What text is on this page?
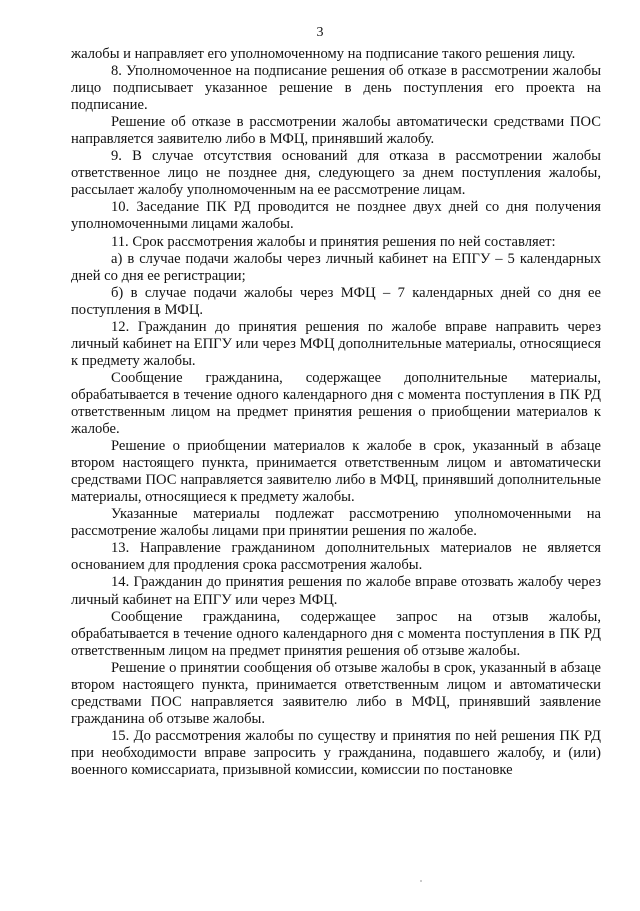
3

жалобы и направляет его уполномоченному на подписание такого решения лицу.

8. Уполномоченное на подписание решения об отказе в рассмотрении жалобы лицо подписывает указанное решение в день поступления его проекта на подписание.

Решение об отказе в рассмотрении жалобы автоматически средствами ПОС направляется заявителю либо в МФЦ, принявший жалобу.

9. В случае отсутствия оснований для отказа в рассмотрении жалобы ответственное лицо не позднее дня, следующего за днем поступления жалобы, рассылает жалобу уполномоченным на ее рассмотрение лицам.

10. Заседание ПК РД проводится не позднее двух дней со дня получения уполномоченными лицами жалобы.

11. Срок рассмотрения жалобы и принятия решения по ней составляет:

а) в случае подачи жалобы через личный кабинет на ЕПГУ – 5 календарных дней со дня ее регистрации;

б) в случае подачи жалобы через МФЦ – 7 календарных дней со дня ее поступления в МФЦ.

12. Гражданин до принятия решения по жалобе вправе направить через личный кабинет на ЕПГУ или через МФЦ дополнительные материалы, относящиеся к предмету жалобы.

Сообщение гражданина, содержащее дополнительные материалы, обрабатывается в течение одного календарного дня с момента поступления в ПК РД ответственным лицом на предмет принятия решения о приобщении материалов к жалобе.

Решение о приобщении материалов к жалобе в срок, указанный в абзаце втором настоящего пункта, принимается ответственным лицом и автоматически средствами ПОС направляется заявителю либо в МФЦ, принявший дополнительные материалы, относящиеся к предмету жалобы.

Указанные материалы подлежат рассмотрению уполномоченными на рассмотрение жалобы лицами при принятии решения по жалобе.

13. Направление гражданином дополнительных материалов не является основанием для продления срока рассмотрения жалобы.

14. Гражданин до принятия решения по жалобе вправе отозвать жалобу через личный кабинет на ЕПГУ или через МФЦ.

Сообщение гражданина, содержащее запрос на отзыв жалобы, обрабатывается в течение одного календарного дня с момента поступления в ПК РД ответственным лицом на предмет принятия решения об отзыве жалобы.

Решение о принятии сообщения об отзыве жалобы в срок, указанный в абзаце втором настоящего пункта, принимается ответственным лицом и автоматически средствами ПОС направляется заявителю либо в МФЦ, принявший заявление гражданина об отзыве жалобы.

15. До рассмотрения жалобы по существу и принятия по ней решения ПК РД при необходимости вправе запросить у гражданина, подавшего жалобу, и (или) военного комиссариата, призывной комиссии, комиссии по постановке
